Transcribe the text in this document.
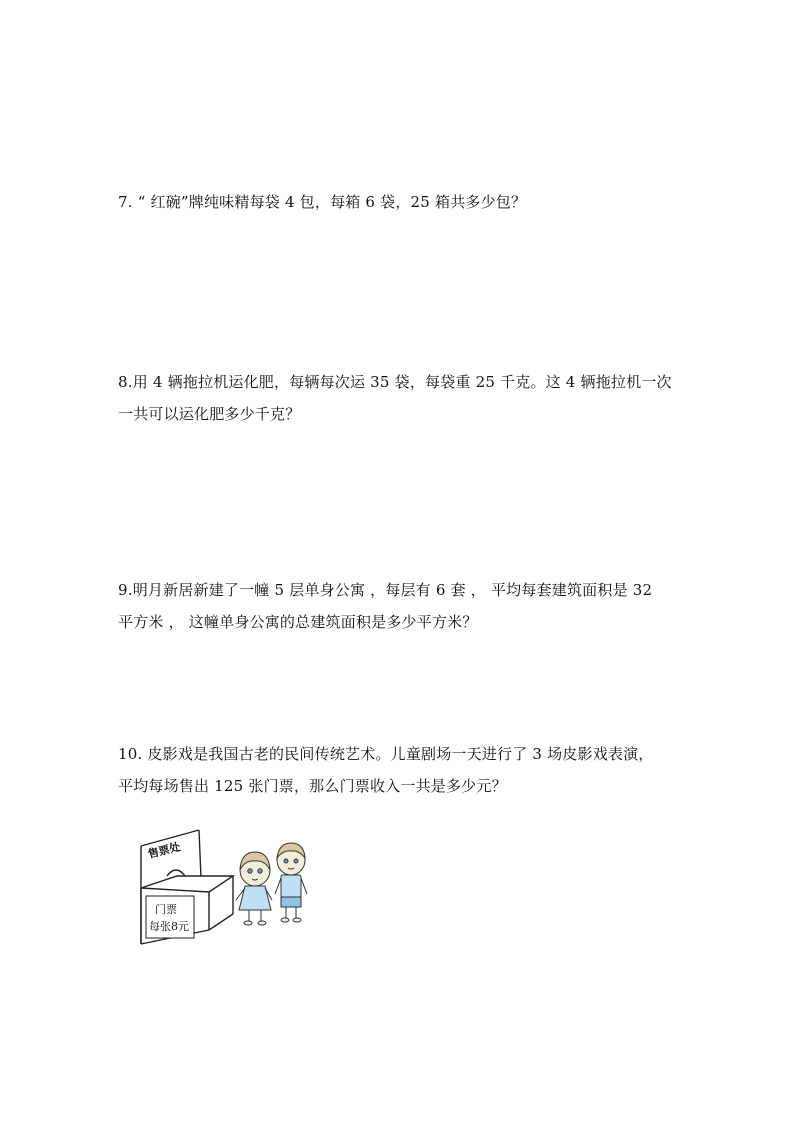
7. “ 红碗”牌纯味精每袋 4 包，每箱 6 袋，25 箱共多少包？

8.用 4 辆拖拉机运化肥，每辆每次运 35 袋，每袋重 25 千克。这 4 辆拖拉机一次

一共可以运化肥多少千克？

9.明月新居新建了一幢 5 层单身公寓 ，每层有 6 套 ， 平均每套建筑面积是 32

平方米 ， 这幢单身公寓的总建筑面积是多少平方米？

10. 皮影戏是我国古老的民间传统艺术。儿童剧场一天进行了 3 场皮影戏表演，

平均每场售出 125 张门票，那么门票收入一共是多少元？

售票处
门票
每张8元
